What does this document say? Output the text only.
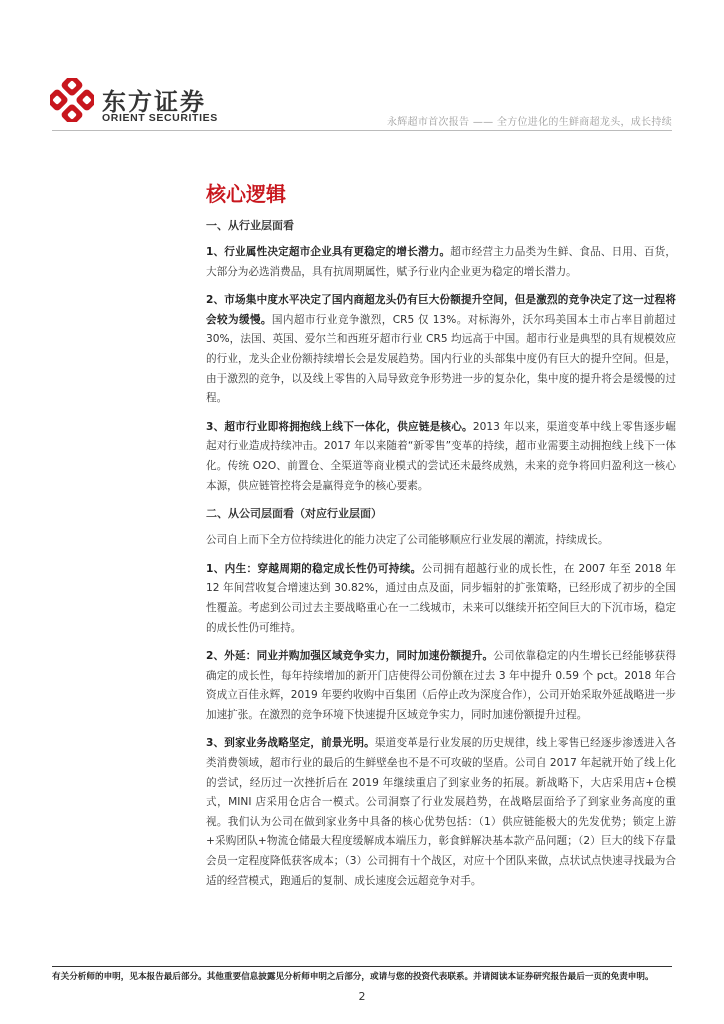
东方证券
ORIENT SECURITIES	永辉超市首次报告 —— 全方位进化的生鲜商超龙头，成长持续
核心逻辑
一、从行业层面看

1、行业属性决定超市企业具有更稳定的增长潜力。超市经营主力品类为生鲜、食品、日用、百货，大部分为必选消费品，具有抗周期属性，赋予行业内企业更为稳定的增长潜力。

2、市场集中度水平决定了国内商超龙头仍有巨大份额提升空间，但是激烈的竞争决定了这一过程将会较为缓慢。国内超市行业竞争激烈，CR5 仅 13%。对标海外，沃尔玛美国本土市占率目前超过 30%，法国、英国、爱尔兰和西班牙超市行业 CR5 均远高于中国。超市行业是典型的具有规模效应的行业，龙头企业份额持续增长会是发展趋势。国内行业的头部集中度仍有巨大的提升空间。但是，由于激烈的竞争，以及线上零售的入局导致竞争形势进一步的复杂化，集中度的提升将会是缓慢的过程。

3、超市行业即将拥抱线上线下一体化，供应链是核心。2013 年以来，渠道变革中线上零售逐步崛起对行业造成持续冲击。2017 年以来随着“新零售”变革的持续，超市业需要主动拥抱线上线下一体化。传统 O2O、前置仓、全渠道等商业模式的尝试还未最终成熟，未来的竞争将回归盈利这一核心本源，供应链管控将会是赢得竞争的核心要素。

二、从公司层面看（对应行业层面）

公司自上而下全方位持续进化的能力决定了公司能够顺应行业发展的潮流，持续成长。

1、内生：穿越周期的稳定成长性仍可持续。公司拥有超越行业的成长性，在 2007 年至 2018 年 12 年间营收复合增速达到 30.82%，通过由点及面，同步辐射的扩张策略，已经形成了初步的全国性覆盖。考虑到公司过去主要战略重心在一二线城市，未来可以继续开拓空间巨大的下沉市场，稳定的成长性仍可维持。

2、外延：同业并购加强区域竞争实力，同时加速份额提升。公司依靠稳定的内生增长已经能够获得确定的成长性，每年持续增加的新开门店使得公司份额在过去 3 年中提升 0.59 个 pct。2018 年合资成立百佳永辉，2019 年要约收购中百集团（后停止改为深度合作），公司开始采取外延战略进一步加速扩张。在激烈的竞争环境下快速提升区域竞争实力，同时加速份额提升过程。

3、到家业务战略坚定，前景光明。渠道变革是行业发展的历史规律，线上零售已经逐步渗透进入各类消费领域，超市行业的最后的生鲜壁垒也不是不可攻破的坚盾。公司自 2017 年起就开始了线上化的尝试，经历过一次挫折后在 2019 年继续重启了到家业务的拓展。新战略下，大店采用店+仓模式，MINI 店采用仓店合一模式。公司洞察了行业发展趋势，在战略层面给予了到家业务高度的重视。我们认为公司在做到家业务中具备的核心优势包括：（1）供应链能极大的先发优势；锁定上游+采购团队+物流仓储最大程度缓解成本端压力，彰食鲜解决基本款产品问题；（2）巨大的线下存量会员一定程度降低获客成本；（3）公司拥有十个战区，对应十个团队来做，点状试点快速寻找最为合适的经营模式，跑通后的复制、成长速度会远超竞争对手。

有关分析师的申明，见本报告最后部分。其他重要信息披露见分析师申明之后部分，或请与您的投资代表联系。并请阅读本证券研究报告最后一页的免责申明。
2
